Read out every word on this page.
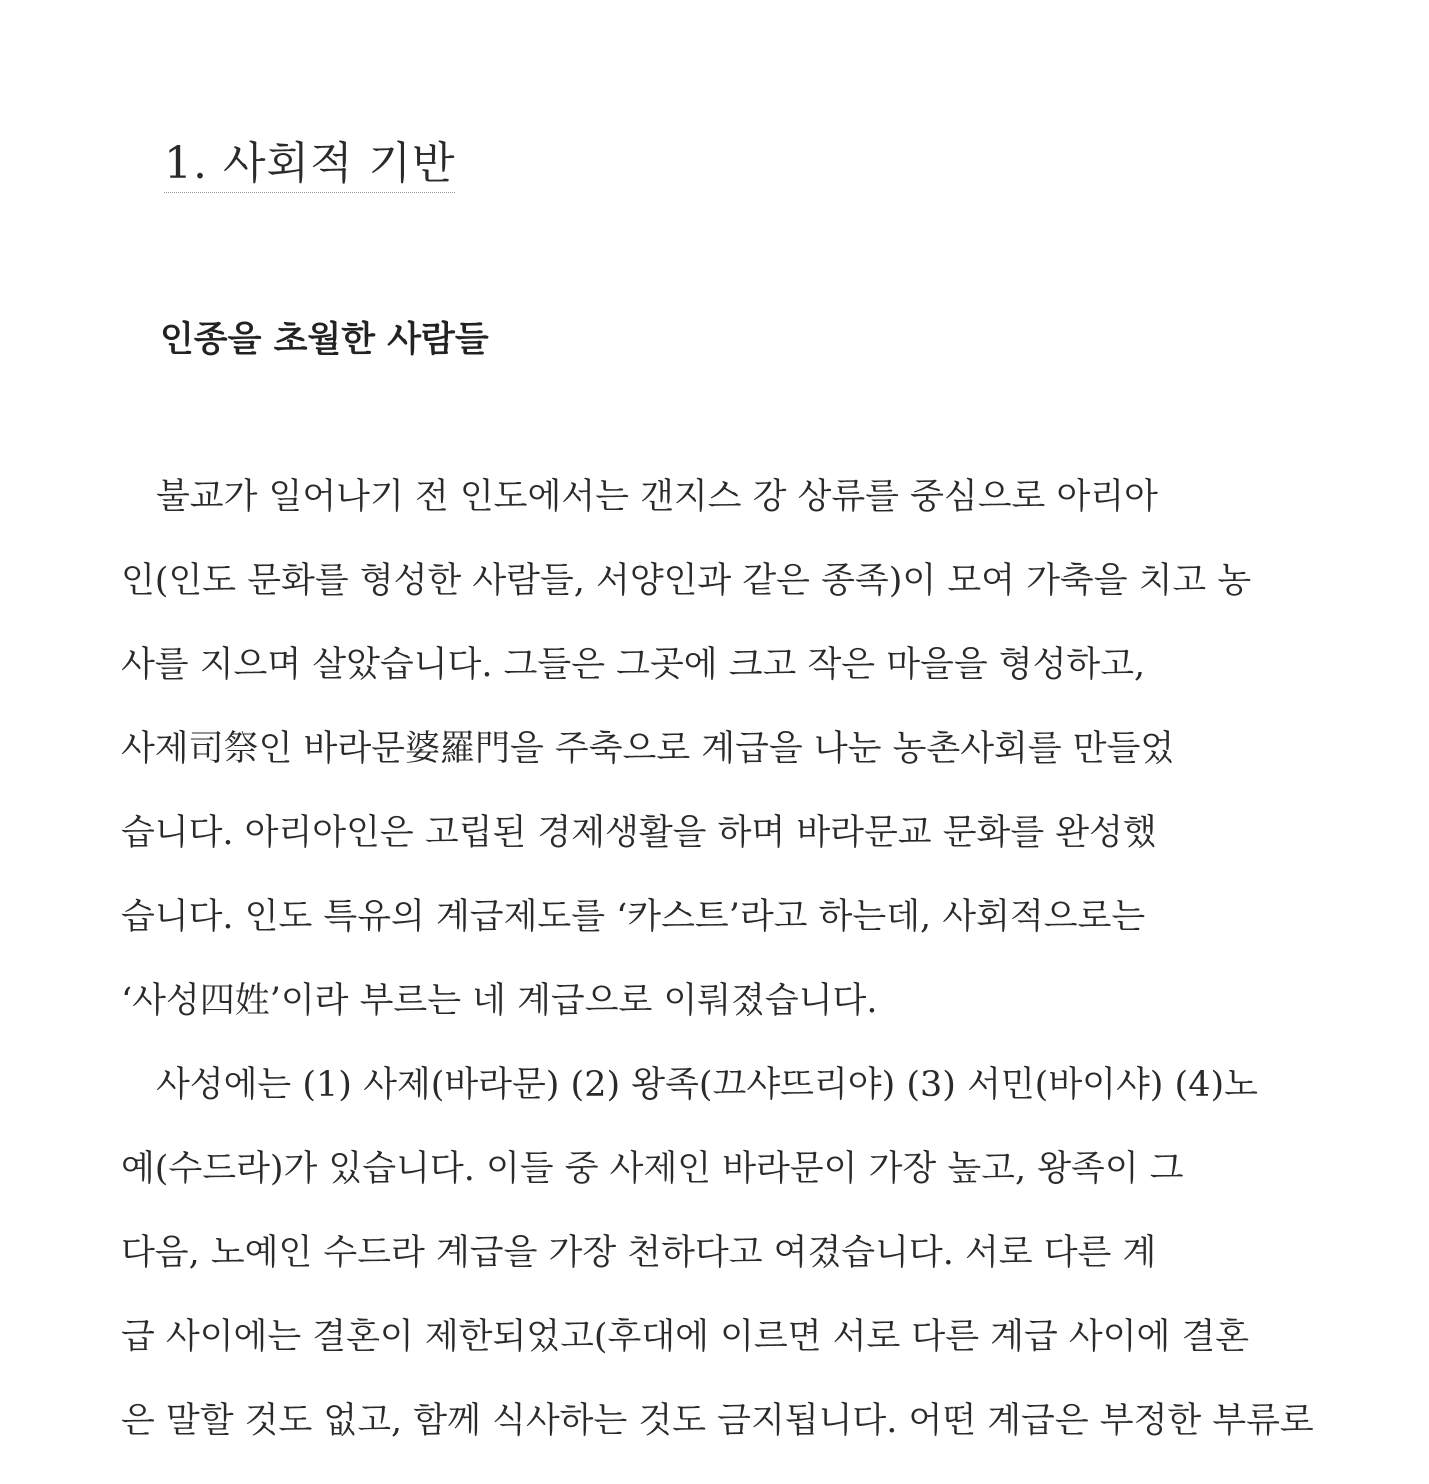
1. 사회적 기반
인종을 초월한 사람들
　불교가 일어나기 전 인도에서는 갠지스 강 상류를 중심으로 아리아
인(인도 문화를 형성한 사람들, 서양인과 같은 종족)이 모여 가축을 치고 농
사를 지으며 살았습니다. 그들은 그곳에 크고 작은 마을을 형성하고,
사제司祭인 바라문婆羅門을 주축으로 계급을 나눈 농촌사회를 만들었
습니다. 아리아인은 고립된 경제생활을 하며 바라문교 문화를 완성했
습니다. 인도 특유의 계급제도를 ‘카스트’라고 하는데, 사회적으로는
‘사성四姓’이라 부르는 네 계급으로 이뤄졌습니다.
　사성에는 (1) 사제(바라문) (2) 왕족(끄샤뜨리야) (3) 서민(바이샤) (4)노
예(수드라)가 있습니다. 이들 중 사제인 바라문이 가장 높고, 왕족이 그
다음, 노예인 수드라 계급을 가장 천하다고 여겼습니다. 서로 다른 계
급 사이에는 결혼이 제한되었고(후대에 이르면 서로 다른 계급 사이에 결혼
은 말할 것도 없고, 함께 식사하는 것도 금지됩니다. 어떤 계급은 부정한 부류로
